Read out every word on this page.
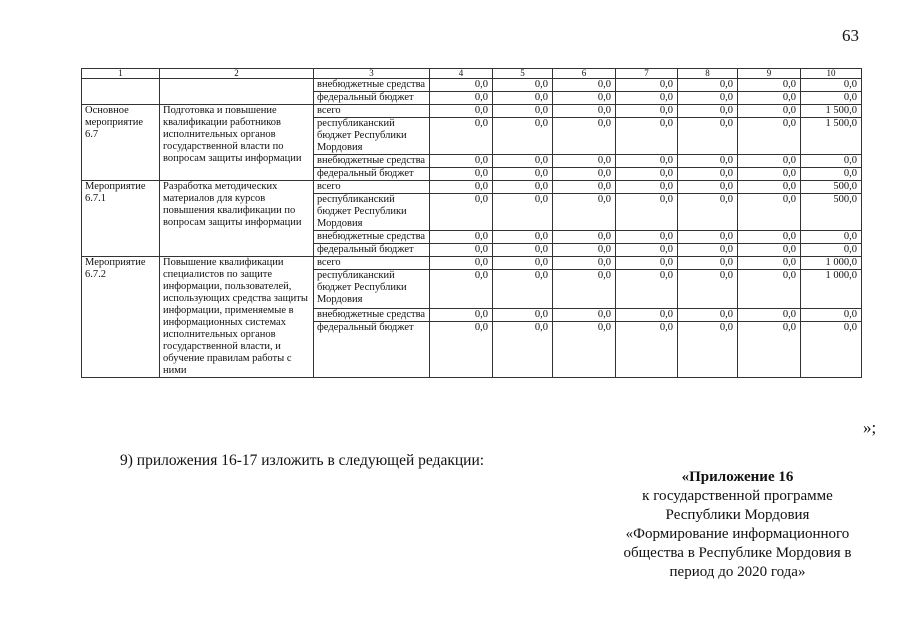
63
1	2	3	4	5	6	7	8	9	10
		внебюджетные средства	0,0	0,0	0,0	0,0	0,0	0,0	0,0
		федеральный бюджет	0,0	0,0	0,0	0,0	0,0	0,0	0,0
Основное мероприятие 6.7	Подготовка и повышение квалификации работников исполнительных органов государственной власти по вопросам защиты информации	всего	0,0	0,0	0,0	0,0	0,0	0,0	1 500,0
		республиканский бюджет Республики Мордовия	0,0	0,0	0,0	0,0	0,0	0,0	1 500,0
		внебюджетные средства	0,0	0,0	0,0	0,0	0,0	0,0	0,0
		федеральный бюджет	0,0	0,0	0,0	0,0	0,0	0,0	0,0
Мероприятие 6.7.1	Разработка методических материалов для курсов повышения квалификации по вопросам защиты информации	всего	0,0	0,0	0,0	0,0	0,0	0,0	500,0
		республиканский бюджет Республики Мордовия	0,0	0,0	0,0	0,0	0,0	0,0	500,0
		внебюджетные средства	0,0	0,0	0,0	0,0	0,0	0,0	0,0
		федеральный бюджет	0,0	0,0	0,0	0,0	0,0	0,0	0,0
Мероприятие 6.7.2	Повышение квалификации специалистов по защите информации, пользователей, использующих средства защиты информации, применяемые в информационных системах исполнительных органов государственной власти, и обучение правилам работы с ними	всего	0,0	0,0	0,0	0,0	0,0	0,0	1 000,0
		республиканский бюджет Республики Мордовия	0,0	0,0	0,0	0,0	0,0	0,0	1 000,0
		внебюджетные средства	0,0	0,0	0,0	0,0	0,0	0,0	0,0
		федеральный бюджет	0,0	0,0	0,0	0,0	0,0	0,0	0,0
»;
9) приложения 16-17 изложить в следующей редакции:
«Приложение 16
к государственной программе
Республики Мордовия
«Формирование информационного
общества в Республике Мордовия в
период до 2020 года»
